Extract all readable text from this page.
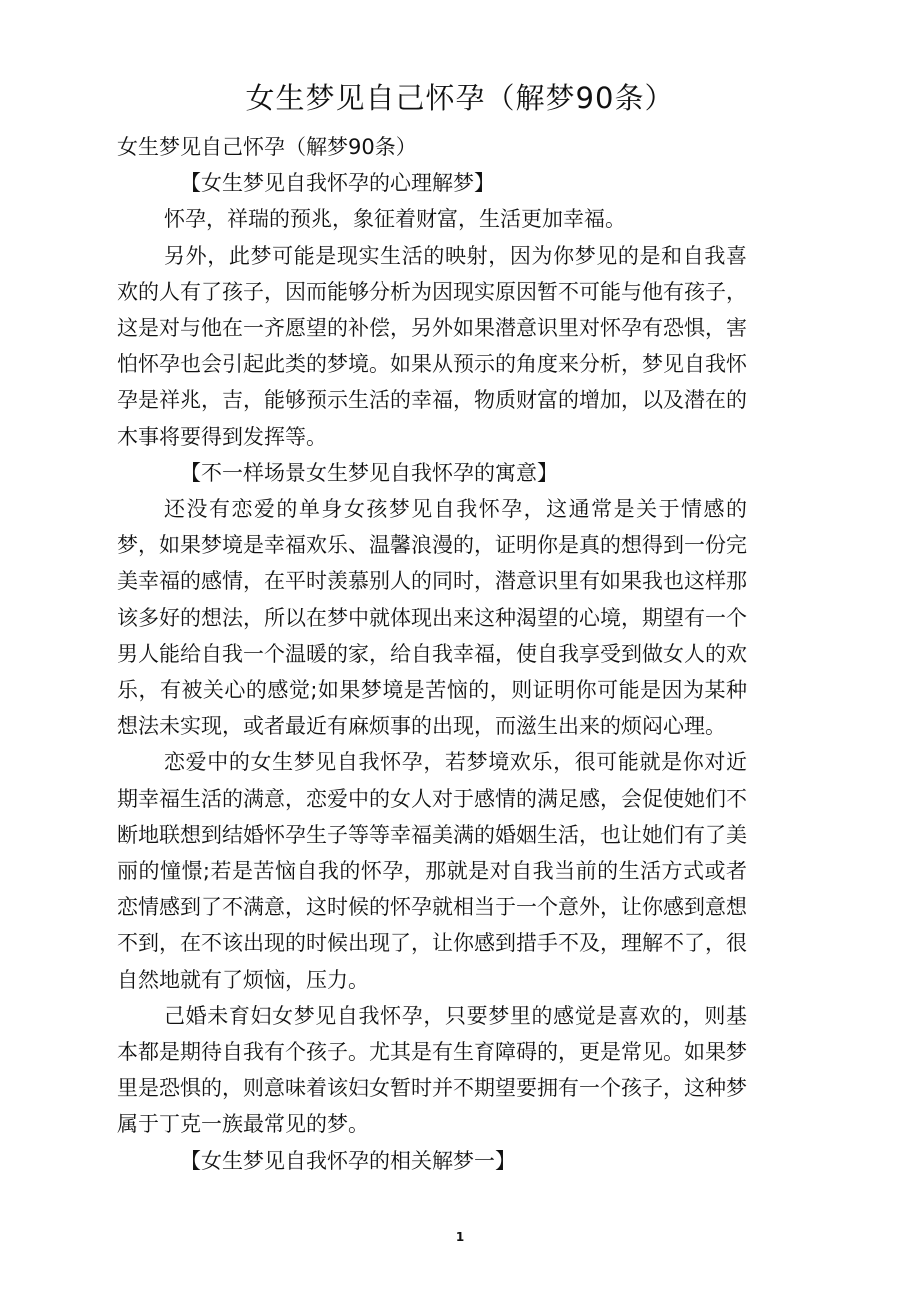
女生梦见自己怀孕（解梦90条）

女生梦见自己怀孕（解梦90条）

【女生梦见自我怀孕的心理解梦】

怀孕，祥瑞的预兆，象征着财富，生活更加幸福。

另外，此梦可能是现实生活的映射，因为你梦见的是和自我喜欢的人有了孩子，因而能够分析为因现实原因暂不可能与他有孩子，这是对与他在一齐愿望的补偿，另外如果潜意识里对怀孕有恐惧，害怕怀孕也会引起此类的梦境。如果从预示的角度来分析，梦见自我怀孕是祥兆，吉，能够预示生活的幸福，物质财富的增加，以及潜在的木事将要得到发挥等。

【不一样场景女生梦见自我怀孕的寓意】

还没有恋爱的单身女孩梦见自我怀孕，这通常是关于情感的梦，如果梦境是幸福欢乐、温馨浪漫的，证明你是真的想得到一份完美幸福的感情，在平时羡慕别人的同时，潜意识里有如果我也这样那该多好的想法，所以在梦中就体现出来这种渴望的心境，期望有一个男人能给自我一个温暖的家，给自我幸福，使自我享受到做女人的欢乐，有被关心的感觉;如果梦境是苦恼的，则证明你可能是因为某种想法未实现，或者最近有麻烦事的出现，而滋生出来的烦闷心理。

恋爱中的女生梦见自我怀孕，若梦境欢乐，很可能就是你对近期幸福生活的满意，恋爱中的女人对于感情的满足感，会促使她们不断地联想到结婚怀孕生子等等幸福美满的婚姻生活，也让她们有了美丽的憧憬;若是苦恼自我的怀孕，那就是对自我当前的生活方式或者恋情感到了不满意，这时候的怀孕就相当于一个意外，让你感到意想不到，在不该出现的时候出现了，让你感到措手不及，理解不了，很自然地就有了烦恼，压力。

己婚未育妇女梦见自我怀孕，只要梦里的感觉是喜欢的，则基本都是期待自我有个孩子。尤其是有生育障碍的，更是常见。如果梦里是恐惧的，则意味着该妇女暂时并不期望要拥有一个孩子，这种梦属于丁克一族最常见的梦。

【女生梦见自我怀孕的相关解梦一】

1
